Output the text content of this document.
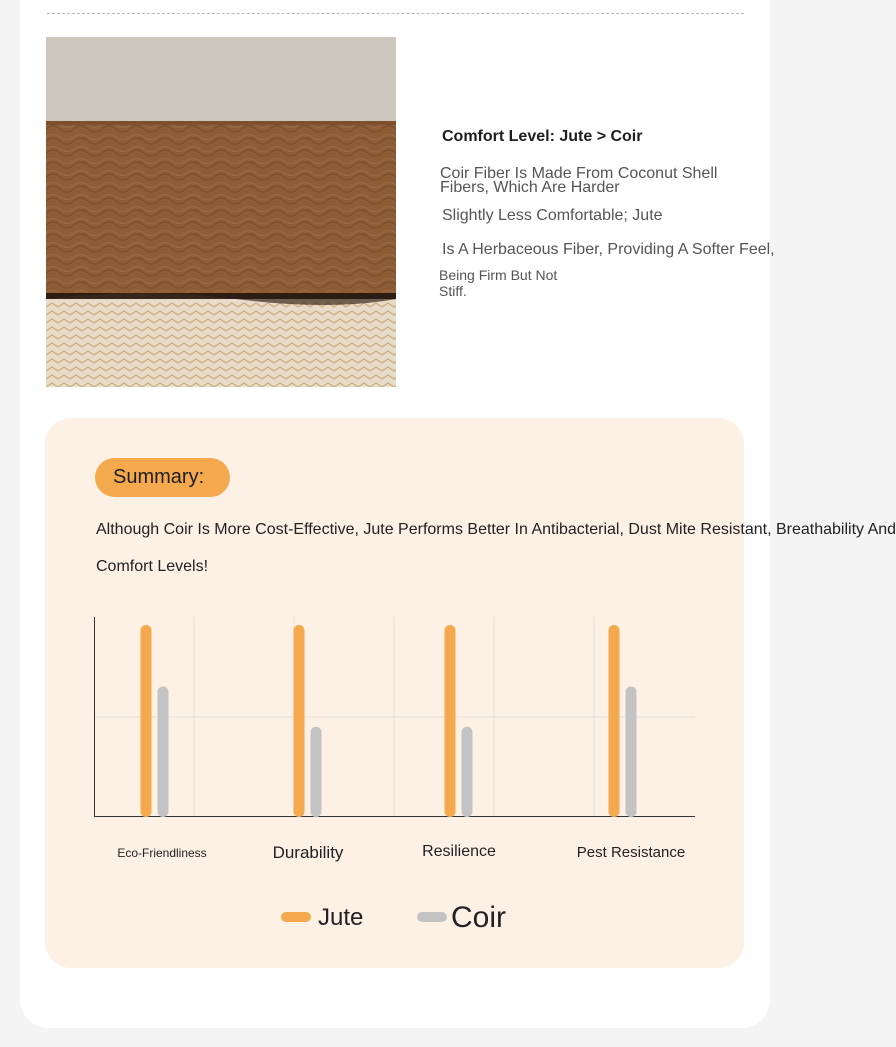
Comfort Level: Jute > Coir
Coir Fiber Is Made From Coconut Shell
Fibers, Which Are Harder
Slightly Less Comfortable; Jute
Is A Herbaceous Fiber, Providing A Softer Feel,
Being Firm But Not
Stiff.
Summary:
Although Coir Is More Cost-Effective, Jute Performs Better In Antibacterial, Dust Mite Resistant, Breathability And
Comfort Levels!
Eco-Friendliness	Durability	Resilience	Pest Resistance
Jute	Coir
